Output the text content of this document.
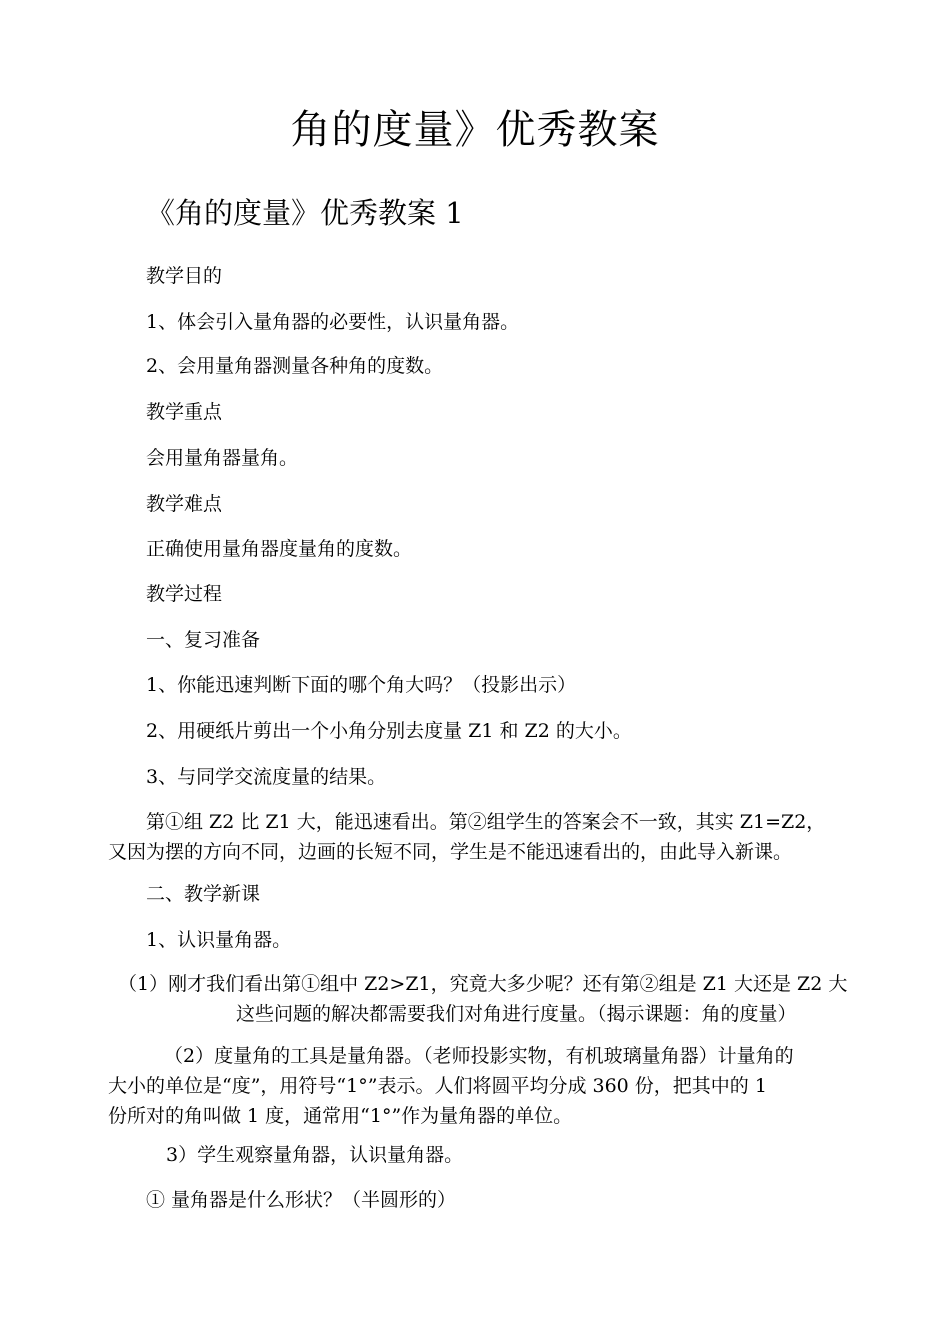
角的度量》优秀教案
《角的度量》优秀教案 1
教学目的
1、体会引入量角器的必要性，认识量角器。
2、会用量角器测量各种角的度数。
教学重点
会用量角器量角。
教学难点
正确使用量角器度量角的度数。
教学过程
一、复习准备
1、你能迅速判断下面的哪个角大吗？（投影出示）
2、用硬纸片剪出一个小角分别去度量 Z1 和 Z2 的大小。
3、与同学交流度量的结果。
第①组 Z2 比 Z1 大，能迅速看出。第②组学生的答案会不一致，其实 Z1=Z2，
又因为摆的方向不同，边画的长短不同，学生是不能迅速看出的，由此导入新课。
二、教学新课
1、认识量角器。
（1）刚才我们看出第①组中 Z2>Z1，究竟大多少呢？还有第②组是 Z1 大还是 Z2 大
这些问题的解决都需要我们对角进行度量。（揭示课题：角的度量）
（2）度量角的工具是量角器。（老师投影实物，有机玻璃量角器）计量角的
大小的单位是“度”，用符号“1°”表示。人们将圆平均分成 360 份，把其中的 1
份所对的角叫做 1 度，通常用“1°”作为量角器的单位。
3）学生观察量角器，认识量角器。
① 量角器是什么形状？（半圆形的）
